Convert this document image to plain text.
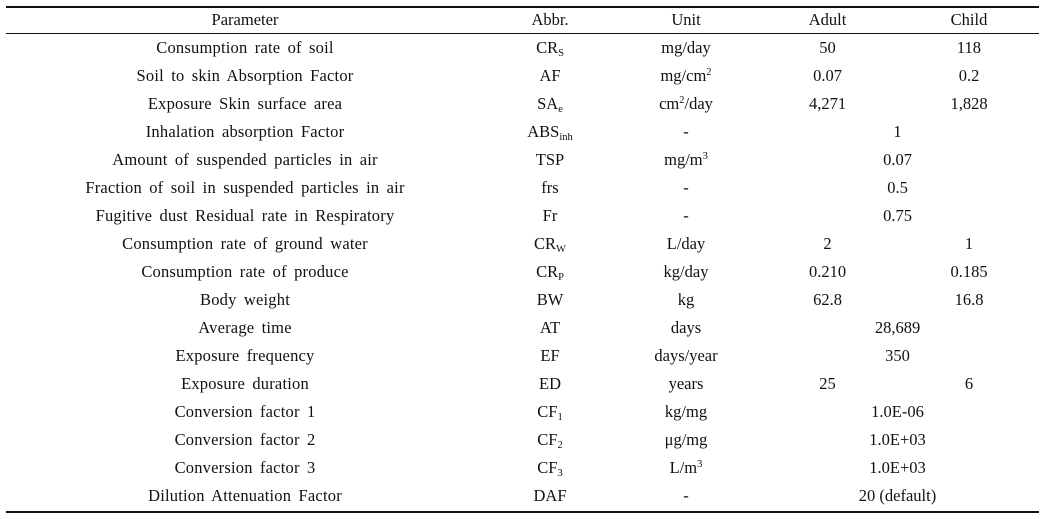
Parameter	Abbr.	Unit	Adult	Child
Consumption rate of soil	$CR_S$	mg/day	50	118
Soil to skin Absorption Factor	AF	$mg/cm^2$	0.07	0.2
Exposure Skin surface area	$SA_e$	$cm^2$/day	4,271	1,828
Inhalation absorption Factor	$ABS_{inh}$	-	1	
Amount of suspended particles in air	TSP	$mg/m^3$	0.07	
Fraction of soil in suspended particles in air	frs	-	0.5	
Fugitive dust Residual rate in Respiratory	Fr	-	0.75	
Consumption rate of ground water	$CR_W$	L/day	2	1
Consumption rate of produce	$CR_P$	kg/day	0.210	0.185
Body weight	BW	kg	62.8	16.8
Average time	AT	days	28,689	
Exposure frequency	EF	days/year	350	
Exposure duration	ED	years	25	6
Conversion factor 1	$CF_1$	kg/mg	1.0E-06	
Conversion factor 2	$CF_2$	μg/mg	1.0E+03	
Conversion factor 3	$CF_3$	$L/m^3$	1.0E+03	
Dilution Attenuation Factor	DAF	-	20 (default)	
